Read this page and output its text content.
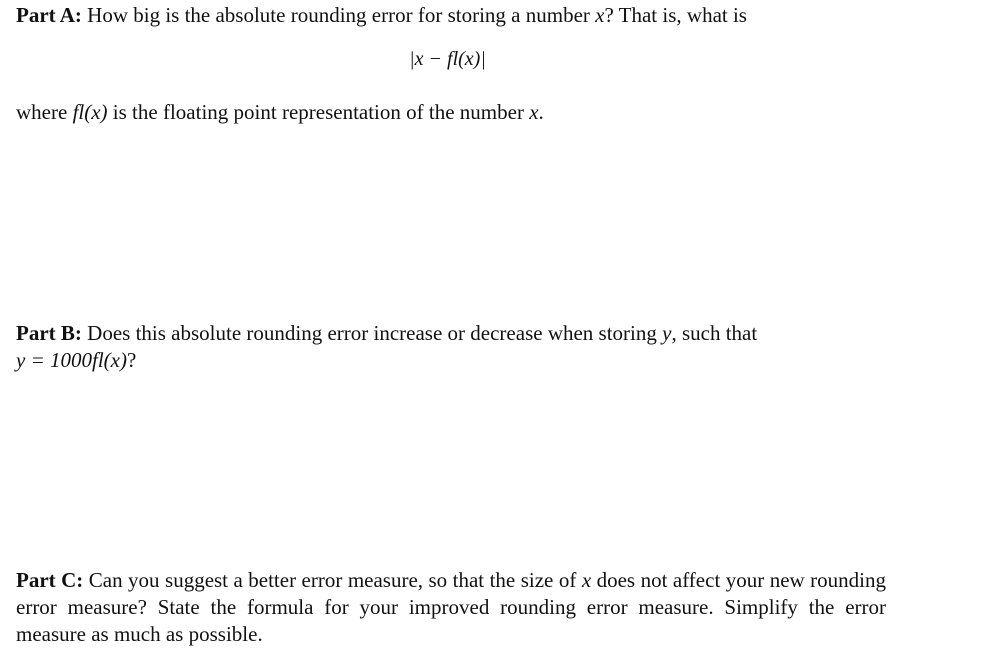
Part A: How big is the absolute rounding error for storing a number x? That is, what is
|x − fl(x)|
where fl(x) is the floating point representation of the number x.
Part B: Does this absolute rounding error increase or decrease when storing y, such that
y = 1000fl(x)?
Part C: Can you suggest a better error measure, so that the size of x does not affect your new rounding error measure? State the formula for your improved rounding error measure. Simplify the error measure as much as possible.
